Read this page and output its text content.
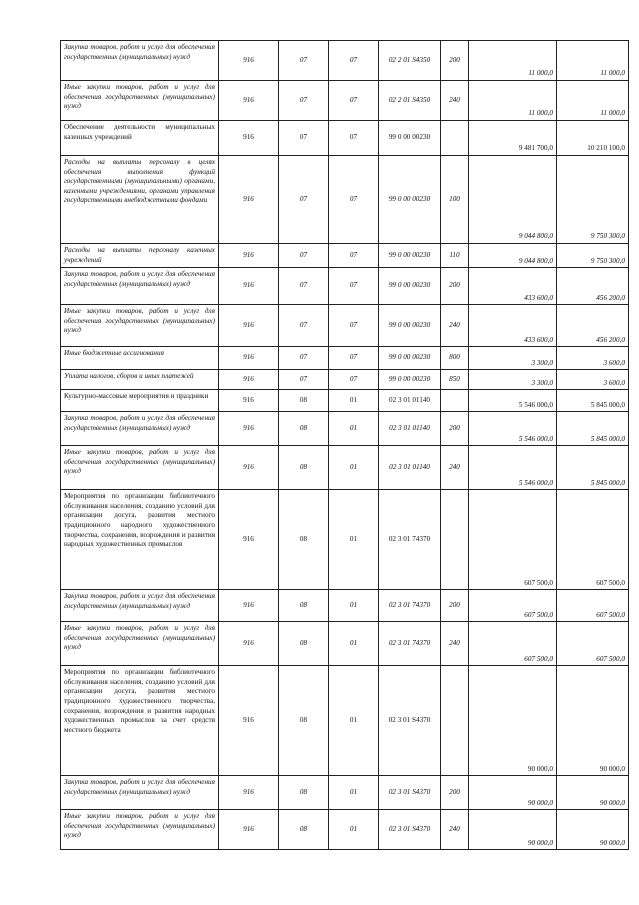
Закупка товаров, работ и услуг для обеспечения государственных (муниципальных) нужд	916	07	07	02 2 01 S4350	200	11 000,0	11 000,0
Иные закупки товаров, работ и услуг для обеспечения государственных (муниципальных) нужд	916	07	07	02 2 01 S4350	240	11 000,0	11 000,0
Обеспечение деятельности муниципальных казенных учреждений	916	07	07	99 0 00 00230		9 481 700,0	10 210 100,0
Расходы на выплаты персоналу в целях обеспечения выполнения функций государственными (муниципальными) органами, казенными учреждениями, органами управления государственными внебюджетными фондами	916	07	07	99 0 00 00230	100	9 044 800,0	9 750 300,0
Расходы на выплаты персоналу казенных учреждений	916	07	07	99 0 00 00230	110	9 044 800,0	9 750 300,0
Закупка товаров, работ и услуг для обеспечения государственных (муниципальных) нужд	916	07	07	99 0 00 00230	200	433 600,0	456 200,0
Иные закупки товаров, работ и услуг для обеспечения государственных (муниципальных) нужд	916	07	07	99 0 00 00230	240	433 600,0	456 200,0
Иные бюджетные ассигнования	916	07	07	99 0 00 00230	800	3 300,0	3 600,0
Уплата налогов, сборов и иных платежей	916	07	07	99 0 00 00230	850	3 300,0	3 600,0
Культурно-массовые мероприятия и праздники	916	08	01	02 3 01 01140		5 546 000,0	5 845 000,0
Закупка товаров, работ и услуг для обеспечения государственных (муниципальных) нужд	916	08	01	02 3 01 01140	200	5 546 000,0	5 845 000,0
Иные закупки товаров, работ и услуг для обеспечения государственных (муниципальных) нужд	916	08	01	02 3 01 01140	240	5 546 000,0	5 845 000,0
Мероприятия по организации библиотечного обслуживания населения, созданию условий для организации досуга, развития местного традиционного народного художественного творчества, сохранения, возрождения и развития народных художественных промыслов	916	08	01	02 3 01 74370		607 500,0	607 500,0
Закупка товаров, работ и услуг для обеспечения государственных (муниципальных) нужд	916	08	01	02 3 01 74370	200	607 500,0	607 500,0
Иные закупки товаров, работ и услуг для обеспечения государственных (муниципальных) нужд	916	08	01	02 3 01 74370	240	607 500,0	607 500,0
Мероприятия по организации библиотечного обслуживания населения, созданию условий для организации досуга, развития местного традиционного художественного творчества, сохранения, возрождения и развития народных художественных промыслов за счет средств местного бюджета	916	08	01	02 3 01 S4370		90 000,0	90 000,0
Закупка товаров, работ и услуг для обеспечения государственных (муниципальных) нужд	916	08	01	02 3 01 S4370	200	90 000,0	90 000,0
Иные закупки товаров, работ и услуг для обеспечения государственных (муниципальных) нужд	916	08	01	02 3 01 S4370	240	90 000,0	90 000,0
